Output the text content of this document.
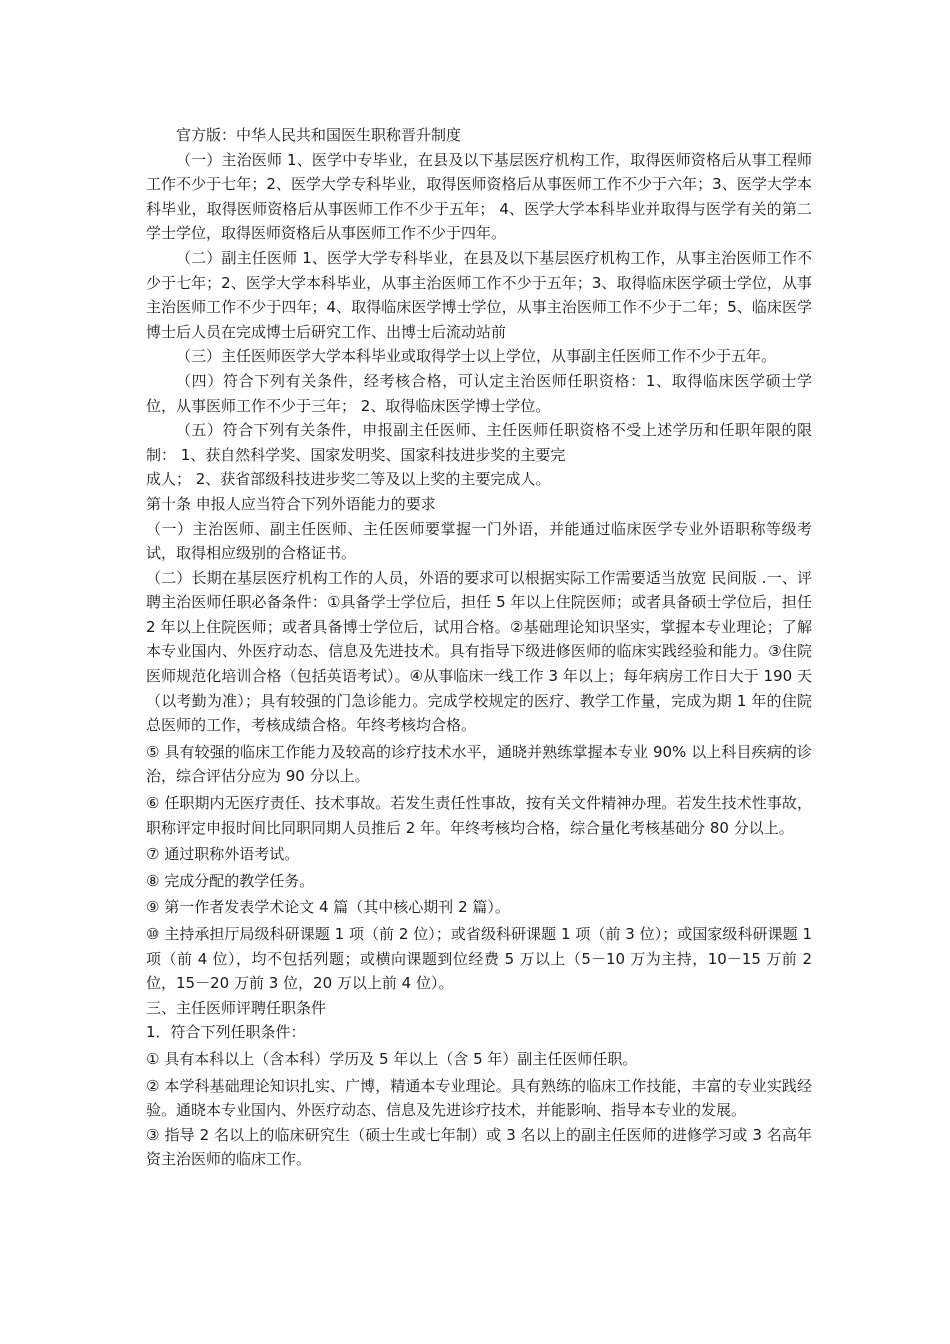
官方版：中华人民共和国医生职称晋升制度

（一）主治医师 1、医学中专毕业，在县及以下基层医疗机构工作，取得医师资格后从事工程师工作不少于七年；2、医学大学专科毕业，取得医师资格后从事医师工作不少于六年；3、医学大学本科毕业，取得医师资格后从事医师工作不少于五年； 4、医学大学本科毕业并取得与医学有关的第二学士学位，取得医师资格后从事医师工作不少于四年。

（二）副主任医师 1、医学大学专科毕业，在县及以下基层医疗机构工作，从事主治医师工作不少于七年；2、医学大学本科毕业，从事主治医师工作不少于五年；3、取得临床医学硕士学位，从事主治医师工作不少于四年；4、取得临床医学博士学位，从事主治医师工作不少于二年；5、临床医学博士后人员在完成博士后研究工作、出博士后流动站前

（三）主任医师医学大学本科毕业或取得学士以上学位，从事副主任医师工作不少于五年。

（四）符合下列有关条件，经考核合格，可认定主治医师任职资格：1、取得临床医学硕士学位，从事医师工作不少于三年； 2、取得临床医学博士学位。

（五）符合下列有关条件，申报副主任医师、主任医师任职资格不受上述学历和任职年限的限制： 1、获自然科学奖、国家发明奖、国家科技进步奖的主要完

成人； 2、获省部级科技进步奖二等及以上奖的主要完成人。

第十条 申报人应当符合下列外语能力的要求

（一）主治医师、副主任医师、主任医师要掌握一门外语，并能通过临床医学专业外语职称等级考试，取得相应级别的合格证书。

（二）长期在基层医疗机构工作的人员，外语的要求可以根据实际工作需要适当放宽 民间版 .一、评聘主治医师任职必备条件：①具备学士学位后，担任 5 年以上住院医师；或者具备硕士学位后，担任 2 年以上住院医师；或者具备博士学位后，试用合格。②基础理论知识坚实，掌握本专业理论；了解本专业国内、外医疗动态、信息及先进技术。具有指导下级进修医师的临床实践经验和能力。③住院医师规范化培训合格（包括英语考试）。④从事临床一线工作 3 年以上；每年病房工作日大于 190 天（以考勤为准）；具有较强的门急诊能力。完成学校规定的医疗、教学工作量，完成为期 1 年的住院总医师的工作，考核成绩合格。年终考核均合格。

⑤ 具有较强的临床工作能力及较高的诊疗技术水平，通晓并熟练掌握本专业 90% 以上科目疾病的诊治，综合评估分应为 90 分以上。

⑥ 任职期内无医疗责任、技术事故。若发生责任性事故，按有关文件精神办理。若发生技术性事故，职称评定申报时间比同职同期人员推后 2 年。年终考核均合格，综合量化考核基础分 80 分以上。

⑦ 通过职称外语考试。

⑧ 完成分配的教学任务。

⑨ 第一作者发表学术论文 4 篇（其中核心期刊 2 篇）。

⑩ 主持承担厅局级科研课题 1 项（前 2 位）；或省级科研课题 1 项（前 3 位）；或国家级科研课题 1 项（前 4 位），均不包括列题；或横向课题到位经费 5 万以上（5－10 万为主持，10－15 万前 2 位，15－20 万前 3 位，20 万以上前 4 位）。

三、主任医师评聘任职条件

1．符合下列任职条件：

① 具有本科以上（含本科）学历及 5 年以上（含 5 年）副主任医师任职。

② 本学科基础理论知识扎实、广博，精通本专业理论。具有熟练的临床工作技能，丰富的专业实践经验。通晓本专业国内、外医疗动态、信息及先进诊疗技术，并能影响、指导本专业的发展。

③ 指导 2 名以上的临床研究生（硕士生或七年制）或 3 名以上的副主任医师的进修学习或 3 名高年资主治医师的临床工作。
